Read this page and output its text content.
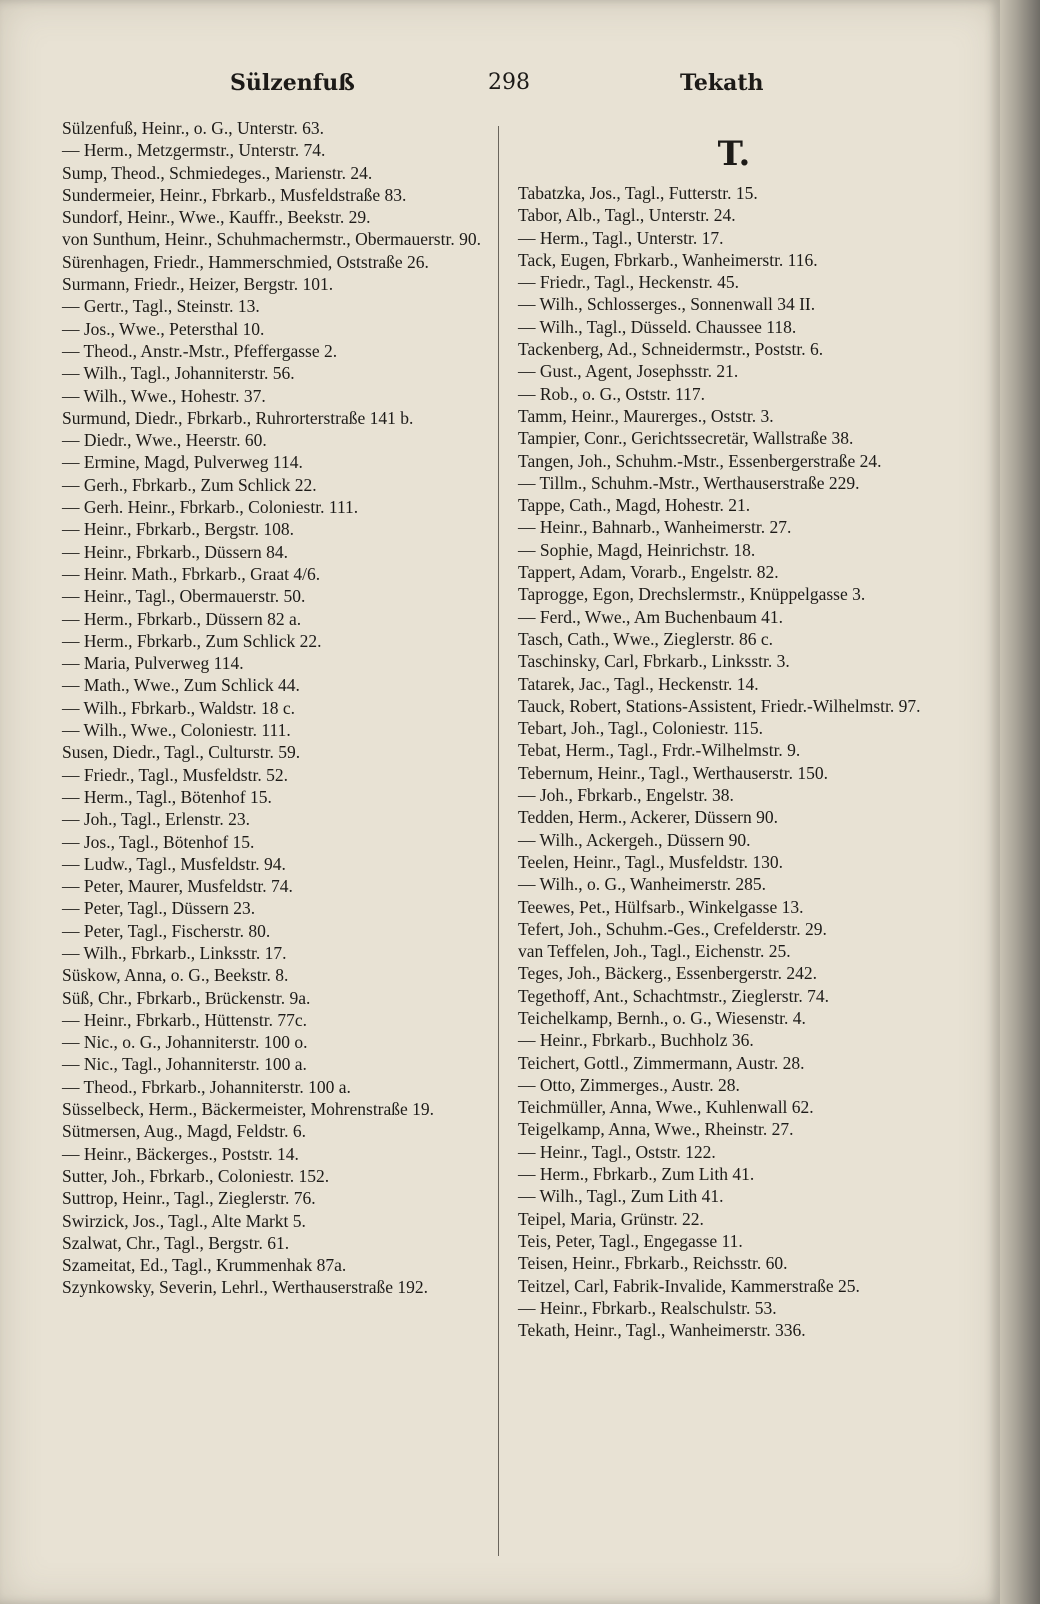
Sülzenfuß	298	Tekath

Sülzenfuß, Heinr., o. G., Unterstr. 63.

— Herm., Metzgermstr., Unterstr. 74.

Sump, Theod., Schmiedeges., Marienstr. 24.

Sundermeier, Heinr., Fbrkarb., Musfeldstraße 83.

Sundorf, Heinr., Wwe., Kauffr., Beekstr. 29.

von Sunthum, Heinr., Schuhmachermstr., Obermauerstr. 90.

Sürenhagen, Friedr., Hammerschmied, Oststraße 26.

Surmann, Friedr., Heizer, Bergstr. 101.

— Gertr., Tagl., Steinstr. 13.

— Jos., Wwe., Petersthal 10.

— Theod., Anstr.-Mstr., Pfeffergasse 2.

— Wilh., Tagl., Johanniterstr. 56.

— Wilh., Wwe., Hohestr. 37.

Surmund, Diedr., Fbrkarb., Ruhrorterstraße 141 b.

— Diedr., Wwe., Heerstr. 60.

— Ermine, Magd, Pulverweg 114.

— Gerh., Fbrkarb., Zum Schlick 22.

— Gerh. Heinr., Fbrkarb., Coloniestr. 111.

— Heinr., Fbrkarb., Bergstr. 108.

— Heinr., Fbrkarb., Düssern 84.

— Heinr. Math., Fbrkarb., Graat 4/6.

— Heinr., Tagl., Obermauerstr. 50.

— Herm., Fbrkarb., Düssern 82 a.

— Herm., Fbrkarb., Zum Schlick 22.

— Maria, Pulverweg 114.

— Math., Wwe., Zum Schlick 44.

— Wilh., Fbrkarb., Waldstr. 18 c.

— Wilh., Wwe., Coloniestr. 111.

Susen, Diedr., Tagl., Culturstr. 59.

— Friedr., Tagl., Musfeldstr. 52.

— Herm., Tagl., Bötenhof 15.

— Joh., Tagl., Erlenstr. 23.

— Jos., Tagl., Bötenhof 15.

— Ludw., Tagl., Musfeldstr. 94.

— Peter, Maurer, Musfeldstr. 74.

— Peter, Tagl., Düssern 23.

— Peter, Tagl., Fischerstr. 80.

— Wilh., Fbrkarb., Linksstr. 17.

Süskow, Anna, o. G., Beekstr. 8.

Süß, Chr., Fbrkarb., Brückenstr. 9a.

— Heinr., Fbrkarb., Hüttenstr. 77c.

— Nic., o. G., Johanniterstr. 100 o.

— Nic., Tagl., Johanniterstr. 100 a.

— Theod., Fbrkarb., Johanniterstr. 100 a.

Süsselbeck, Herm., Bäckermeister, Mohrenstraße 19.

Sütmersen, Aug., Magd, Feldstr. 6.

— Heinr., Bäckerges., Poststr. 14.

Sutter, Joh., Fbrkarb., Coloniestr. 152.

Suttrop, Heinr., Tagl., Zieglerstr. 76.

Swirzick, Jos., Tagl., Alte Markt 5.

Szalwat, Chr., Tagl., Bergstr. 61.

Szameitat, Ed., Tagl., Krummenhak 87a.

Szynkowsky, Severin, Lehrl., Werthauserstraße 192.

T.

Tabatzka, Jos., Tagl., Futterstr. 15.

Tabor, Alb., Tagl., Unterstr. 24.

— Herm., Tagl., Unterstr. 17.

Tack, Eugen, Fbrkarb., Wanheimerstr. 116.

— Friedr., Tagl., Heckenstr. 45.

— Wilh., Schlosserges., Sonnenwall 34 II.

— Wilh., Tagl., Düsseld. Chaussee 118.

Tackenberg, Ad., Schneidermstr., Poststr. 6.

— Gust., Agent, Josephsstr. 21.

— Rob., o. G., Oststr. 117.

Tamm, Heinr., Maurerges., Oststr. 3.

Tampier, Conr., Gerichtssecretär, Wallstraße 38.

Tangen, Joh., Schuhm.-Mstr., Essenbergerstraße 24.

— Tillm., Schuhm.-Mstr., Werthauserstraße 229.

Tappe, Cath., Magd, Hohestr. 21.

— Heinr., Bahnarb., Wanheimerstr. 27.

— Sophie, Magd, Heinrichstr. 18.

Tappert, Adam, Vorarb., Engelstr. 82.

Taprogge, Egon, Drechslermstr., Knüppelgasse 3.

— Ferd., Wwe., Am Buchenbaum 41.

Tasch, Cath., Wwe., Zieglerstr. 86 c.

Taschinsky, Carl, Fbrkarb., Linksstr. 3.

Tatarek, Jac., Tagl., Heckenstr. 14.

Tauck, Robert, Stations-Assistent, Friedr.-Wilhelmstr. 97.

Tebart, Joh., Tagl., Coloniestr. 115.

Tebat, Herm., Tagl., Frdr.-Wilhelmstr. 9.

Tebernum, Heinr., Tagl., Werthauserstr. 150.

— Joh., Fbrkarb., Engelstr. 38.

Tedden, Herm., Ackerer, Düssern 90.

— Wilh., Ackergeh., Düssern 90.

Teelen, Heinr., Tagl., Musfeldstr. 130.

— Wilh., o. G., Wanheimerstr. 285.

Teewes, Pet., Hülfsarb., Winkelgasse 13.

Tefert, Joh., Schuhm.-Ges., Crefelderstr. 29.

van Teffelen, Joh., Tagl., Eichenstr. 25.

Teges, Joh., Bäckerg., Essenbergerstr. 242.

Tegethoff, Ant., Schachtmstr., Zieglerstr. 74.

Teichelkamp, Bernh., o. G., Wiesenstr. 4.

— Heinr., Fbrkarb., Buchholz 36.

Teichert, Gottl., Zimmermann, Austr. 28.

— Otto, Zimmerges., Austr. 28.

Teichmüller, Anna, Wwe., Kuhlenwall 62.

Teigelkamp, Anna, Wwe., Rheinstr. 27.

— Heinr., Tagl., Oststr. 122.

— Herm., Fbrkarb., Zum Lith 41.

— Wilh., Tagl., Zum Lith 41.

Teipel, Maria, Grünstr. 22.

Teis, Peter, Tagl., Engegasse 11.

Teisen, Heinr., Fbrkarb., Reichsstr. 60.

Teitzel, Carl, Fabrik-Invalide, Kammerstraße 25.

— Heinr., Fbrkarb., Realschulstr. 53.

Tekath, Heinr., Tagl., Wanheimerstr. 336.
